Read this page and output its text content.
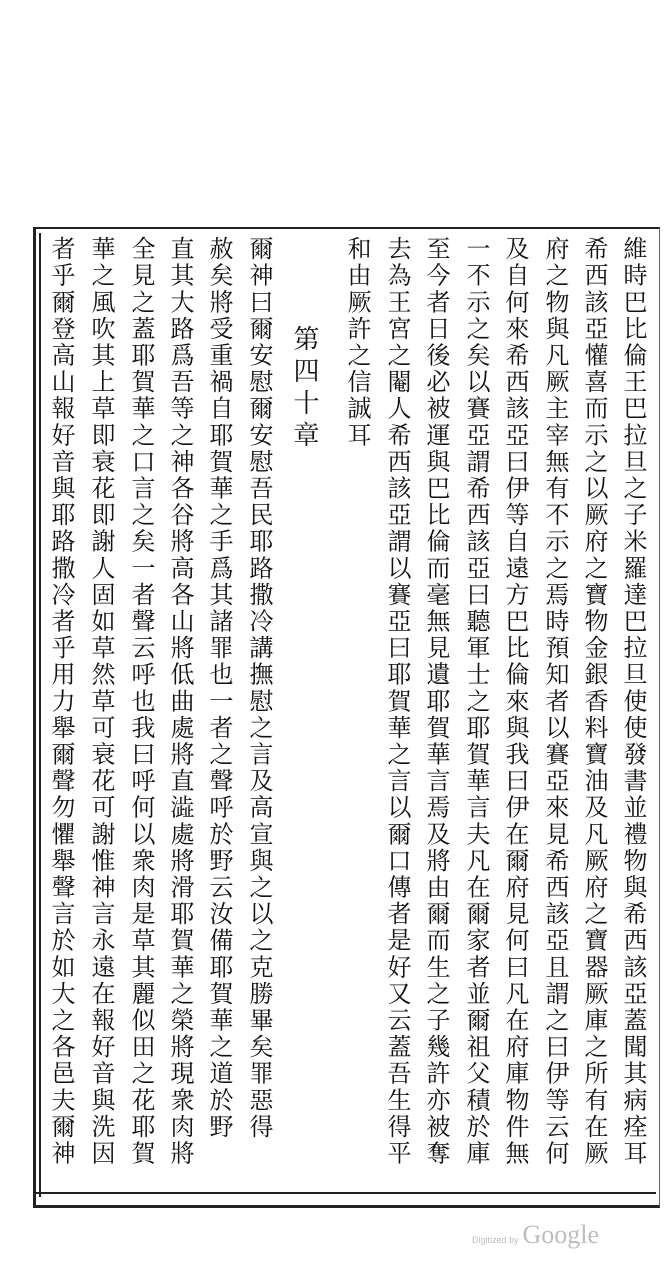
維時巴比倫王巴拉旦之子米羅達巴拉旦使使發書並禮物與希西該亞蓋聞其病痊耳
希西該亞懽喜而示之以厥府之寶物金銀香料寶油及凡厥府之寶器厥庫之所有在厥
府之物與凡厥主宰無有不示之焉時預知者以賽亞來見希西該亞且謂之曰伊等云何
及自何來希西該亞曰伊等自遠方巴比倫來與我曰伊在爾府見何曰凡在府庫物件無
一不示之矣以賽亞謂希西該亞曰聽軍士之耶賀華言夫凡在爾家者並爾祖父積於庫
至今者日後必被運與巴比倫而毫無見遺耶賀華言焉及將由爾而生之子幾許亦被奪
去為王宮之閹人希西該亞謂以賽亞曰耶賀華之言以爾口傳者是好又云蓋吾生得平
和由厥許之信誠耳
第四十章
爾神曰爾安慰爾安慰吾民耶路撒冷講撫慰之言及高宣與之以之克勝畢矣罪惡得
赦矣將受重禍自耶賀華之手爲其諸罪也一者之聲呼於野云汝備耶賀華之道於野
直其大路爲吾等之神各谷將高各山將低曲處將直澁處將滑耶賀華之榮將現衆肉將
全見之蓋耶賀華之口言之矣一者聲云呼也我曰呼何以衆肉是草其麗似田之花耶賀
華之風吹其上草即衰花即謝人固如草然草可衰花可謝惟神言永遠在報好音與洗因
者乎爾登高山報好音與耶路撒冷者乎用力舉爾聲勿懼舉聲言於如大之各邑夫爾神
Digitized by Google
